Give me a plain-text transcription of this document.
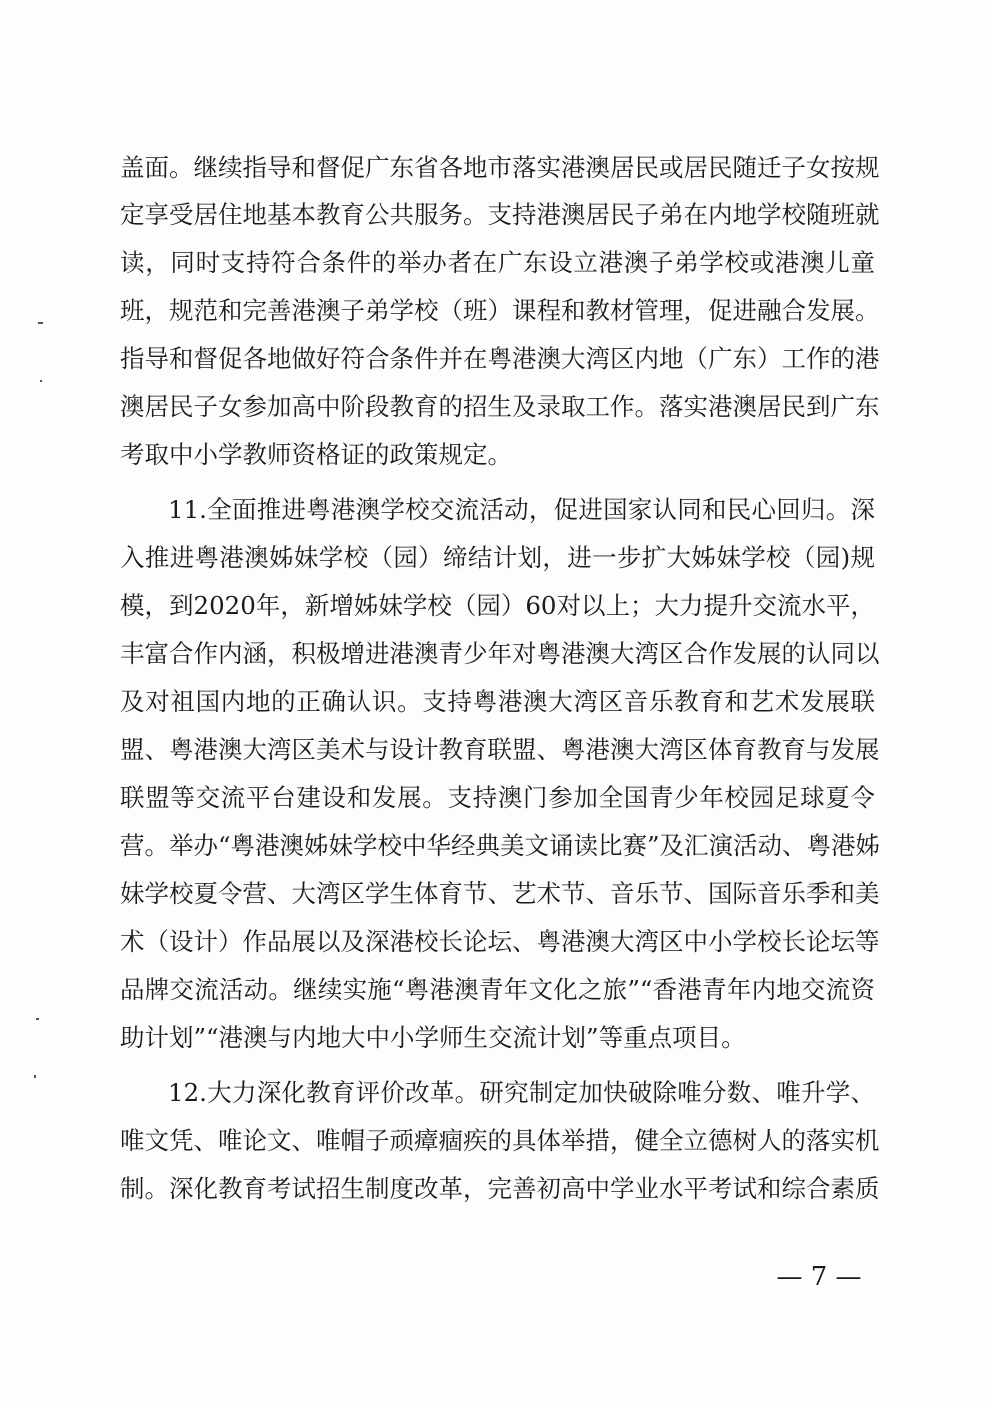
盖面。继续指导和督促广东省各地市落实港澳居民或居民随迁子女按规
定享受居住地基本教育公共服务。支持港澳居民子弟在内地学校随班就
读，同时支持符合条件的举办者在广东设立港澳子弟学校或港澳儿童
班，规范和完善港澳子弟学校（班）课程和教材管理，促进融合发展。
指导和督促各地做好符合条件并在粤港澳大湾区内地（广东）工作的港
澳居民子女参加高中阶段教育的招生及录取工作。落实港澳居民到广东
考取中小学教师资格证的政策规定。
11.全面推进粤港澳学校交流活动，促进国家认同和民心回归。深
入推进粤港澳姊妹学校（园）缔结计划，进一步扩大姊妹学校（园)规
模，到2020年，新增姊妹学校（园）60对以上；大力提升交流水平，
丰富合作内涵，积极增进港澳青少年对粤港澳大湾区合作发展的认同以
及对祖国内地的正确认识。支持粤港澳大湾区音乐教育和艺术发展联
盟、粤港澳大湾区美术与设计教育联盟、粤港澳大湾区体育教育与发展
联盟等交流平台建设和发展。支持澳门参加全国青少年校园足球夏令
营。举办“粤港澳姊妹学校中华经典美文诵读比赛”及汇演活动、粤港姊
妹学校夏令营、大湾区学生体育节、艺术节、音乐节、国际音乐季和美
术（设计）作品展以及深港校长论坛、粤港澳大湾区中小学校长论坛等
品牌交流活动。继续实施“粤港澳青年文化之旅”“香港青年内地交流资
助计划”“港澳与内地大中小学师生交流计划”等重点项目。
12.大力深化教育评价改革。研究制定加快破除唯分数、唯升学、
唯文凭、唯论文、唯帽子顽瘴痼疾的具体举措，健全立德树人的落实机
制。深化教育考试招生制度改革，完善初高中学业水平考试和综合素质
— 7 —
